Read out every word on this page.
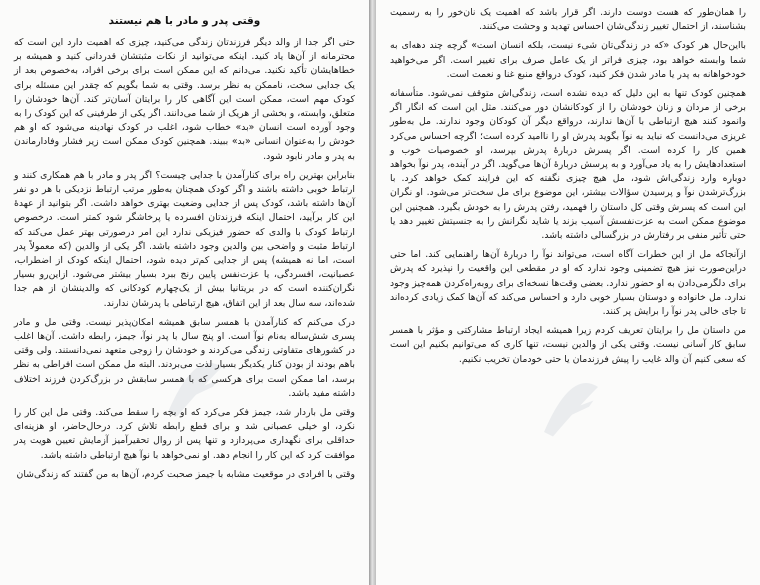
وقتی پدر و مادر با هم نیستند

حتی اگر جدا از والد دیگر فرزندتان زندگی می‌کنید، چیزی که اهمیت دارد این است که محترمانه از آن‌ها یاد کنید. اینکه می‌توانید از نکات مثبتشان قدردانی کنید و همیشه بر خطاهایشان تأکید نکنید. می‌دانم که این ممکن است برای برخی افراد، به‌خصوص بعد از یک جدایی سخت، ناممکن به نظر برسد. وقتی به شما بگویم که چقدر این مسئله برای کودک مهم است، ممکن است این آگاهی کار را برایتان آسان‌تر کند. آن‌ها خودشان را متعلق، وابسته، و بخشی از هریک از شما می‌دانند. اگر یکی از طرفینی که این کودک را به وجود آورده است انسان «بد» خطاب شود، اغلب در کودک نهادینه می‌شود که او هم خودش را به‌عنوان انسانی «بد» ببیند. همچنین کودک ممکن است زیر فشار وفادارماندن به پدر و مادر نابود شود.

بنابراین بهترین راه برای کنارآمدن با جدایی چیست؟ اگر پدر و مادر با هم همکاری کنند و ارتباط خوبی داشته باشند و اگر کودک همچنان به‌طور مرتب ارتباط نزدیکی با هر دو نفر آن‌ها داشته باشد، کودک پس از جدایی وضعیت بهتری خواهد داشت. اگر بتوانید از عهدهٔ این کار برآیید، احتمال اینکه فرزندتان افسرده یا پرخاشگر شود کمتر است. درخصوص ارتباط کودک با والدی که حضور فیزیکی ندارد این امر درصورتی بهتر عمل می‌کند که ارتباط مثبت و واضحی بین والدین وجود داشته باشد. اگر یکی از والدین (که معمولاً پدر است، اما نه همیشه) پس از جدایی کم‌تر دیده شود، احتمال اینکه کودک از اضطراب، عصبانیت، افسردگی، یا عزت‌نفس پایین رنج ببرد بسیار بیشتر می‌شود. ازاین‌رو بسیار نگران‌کننده است که در بریتانیا بیش از یک‌چهارم کودکانی که والدینشان از هم جدا شده‌اند، سه سال بعد از این اتفاق، هیچ ارتباطی با پدرشان ندارند.

درک می‌کنم که کنارآمدن با همسر سابق همیشه امکان‌پذیر نیست. وقتی مل و مادر پسری شش‌ساله به‌نام نوآ است. او پنج سال با پدر نوآ، جیمز، رابطه داشت. آن‌ها اغلب در کشورهای متفاوتی زندگی می‌کردند و خودشان را زوجی متعهد نمی‌دانستند. ولی وقتی باهم بودند از بودن کنار یکدیگر بسیار لذت می‌بردند. البته مل ممکن است افراطی به نظر برسد، اما ممکن است برای هرکسی که با همسر سابقش در بزرگ‌کردن فرزند اختلاف داشته مفید باشد.

وقتی مل باردار شد، جیمز فکر می‌کرد که او بچه را سقط می‌کند. وقتی مل این کار را نکرد، او خیلی عصبانی شد و برای قطع رابطه تلاش کرد. درحال‌حاضر، او هزینه‌ای حداقلی برای نگهداری می‌پردازد و تنها پس از روال تحقیرآمیز آزمایش تعیین هویت پدر موافقت کرد که این کار را انجام دهد. او نمی‌خواهد با نوآ هیچ ارتباطی داشته باشد.

وقتی با افرادی در موقعیت مشابه با جیمز صحبت کردم، آن‌ها به من گفتند که زندگی‌شان

را همان‌طور که هست دوست دارند. اگر قرار باشد که اهمیت یک نان‌خور را به رسمیت بشناسند، از احتمال تغییر زندگی‌شان احساس تهدید و وحشت می‌کنند.

بااین‌حال هر کودک «که در زندگی‌تان شیء نیست، بلکه انسان است» گرچه چند دهه‌ای به شما وابسته خواهد بود، چیزی فراتر از یک عامل صرف برای تغییر است. اگر می‌خواهید خودخواهانه به پدر یا مادر شدن فکر کنید، کودک درواقع منبع غنا و نعمت است.

همچنین کودک تنها به این دلیل که دیده نشده است، زندگی‌اش متوقف نمی‌شود. متأسفانه برخی از مردان و زنان خودشان را از کودکانشان دور می‌کنند. مثل این است که انگار اگر وانمود کنند هیچ ارتباطی با آن‌ها ندارند، درواقع دیگر آن کودکان وجود ندارند. مل به‌طور غریزی می‌دانست که نباید به نوآ بگوید پدرش او را ناامید کرده است؛ اگرچه احساس می‌کرد همین کار را کرده است. اگر پسرش دربارهٔ پدرش بپرسد، او خصوصیات خوب و استعدادهایش را به یاد می‌آورد و به پرسش دربارهٔ آن‌ها می‌گوید. اگر در آینده، پدر نوآ بخواهد دوباره وارد زندگی‌اش شود، مل هیچ چیزی نگفته که این فرایند کمک خواهد کرد. با بزرگ‌ترشدن نوآ و پرسیدن سؤالات بیشتر، این موضوع برای مل سخت‌تر می‌شود. او نگران این است که پسرش وقتی کل داستان را فهمید، رفتن پدرش را به خودش بگیرد. همچنین این موضوع ممکن است به عزت‌نفسش آسیب بزند یا شاید نگرانش را به جنسیتش تغییر دهد یا حتی تأثیر منفی بر رفتارش در بزرگسالی داشته باشد.

ازآنجاکه مل از این خطرات آگاه است، می‌تواند نوآ را دربارهٔ آن‌ها راهنمایی کند. اما حتی دراین‌صورت نیز هیچ تضمینی وجود ندارد که او در مقطعی این واقعیت را نپذیرد که پدرش برای دلگرمی‌دادن به او حضور ندارد. بعضی وقت‌ها نسخه‌ای برای روبه‌راه‌کردن همه‌چیز وجود ندارد. مل خانواده و دوستان بسیار خوبی دارد و احساس می‌کند که آن‌ها کمک زیادی کرده‌اند تا جای خالی پدر نوآ را برایش پر کنند.

من داستان مل را برایتان تعریف کردم زیرا همیشه ایجاد ارتباط مشارکتی و مؤثر با همسر سابق کار آسانی نیست. وقتی یکی از والدین نیست، تنها کاری که می‌توانیم بکنیم این است که سعی کنیم آن والد غایب را پیش فرزندمان یا حتی خودمان تخریب نکنیم.
